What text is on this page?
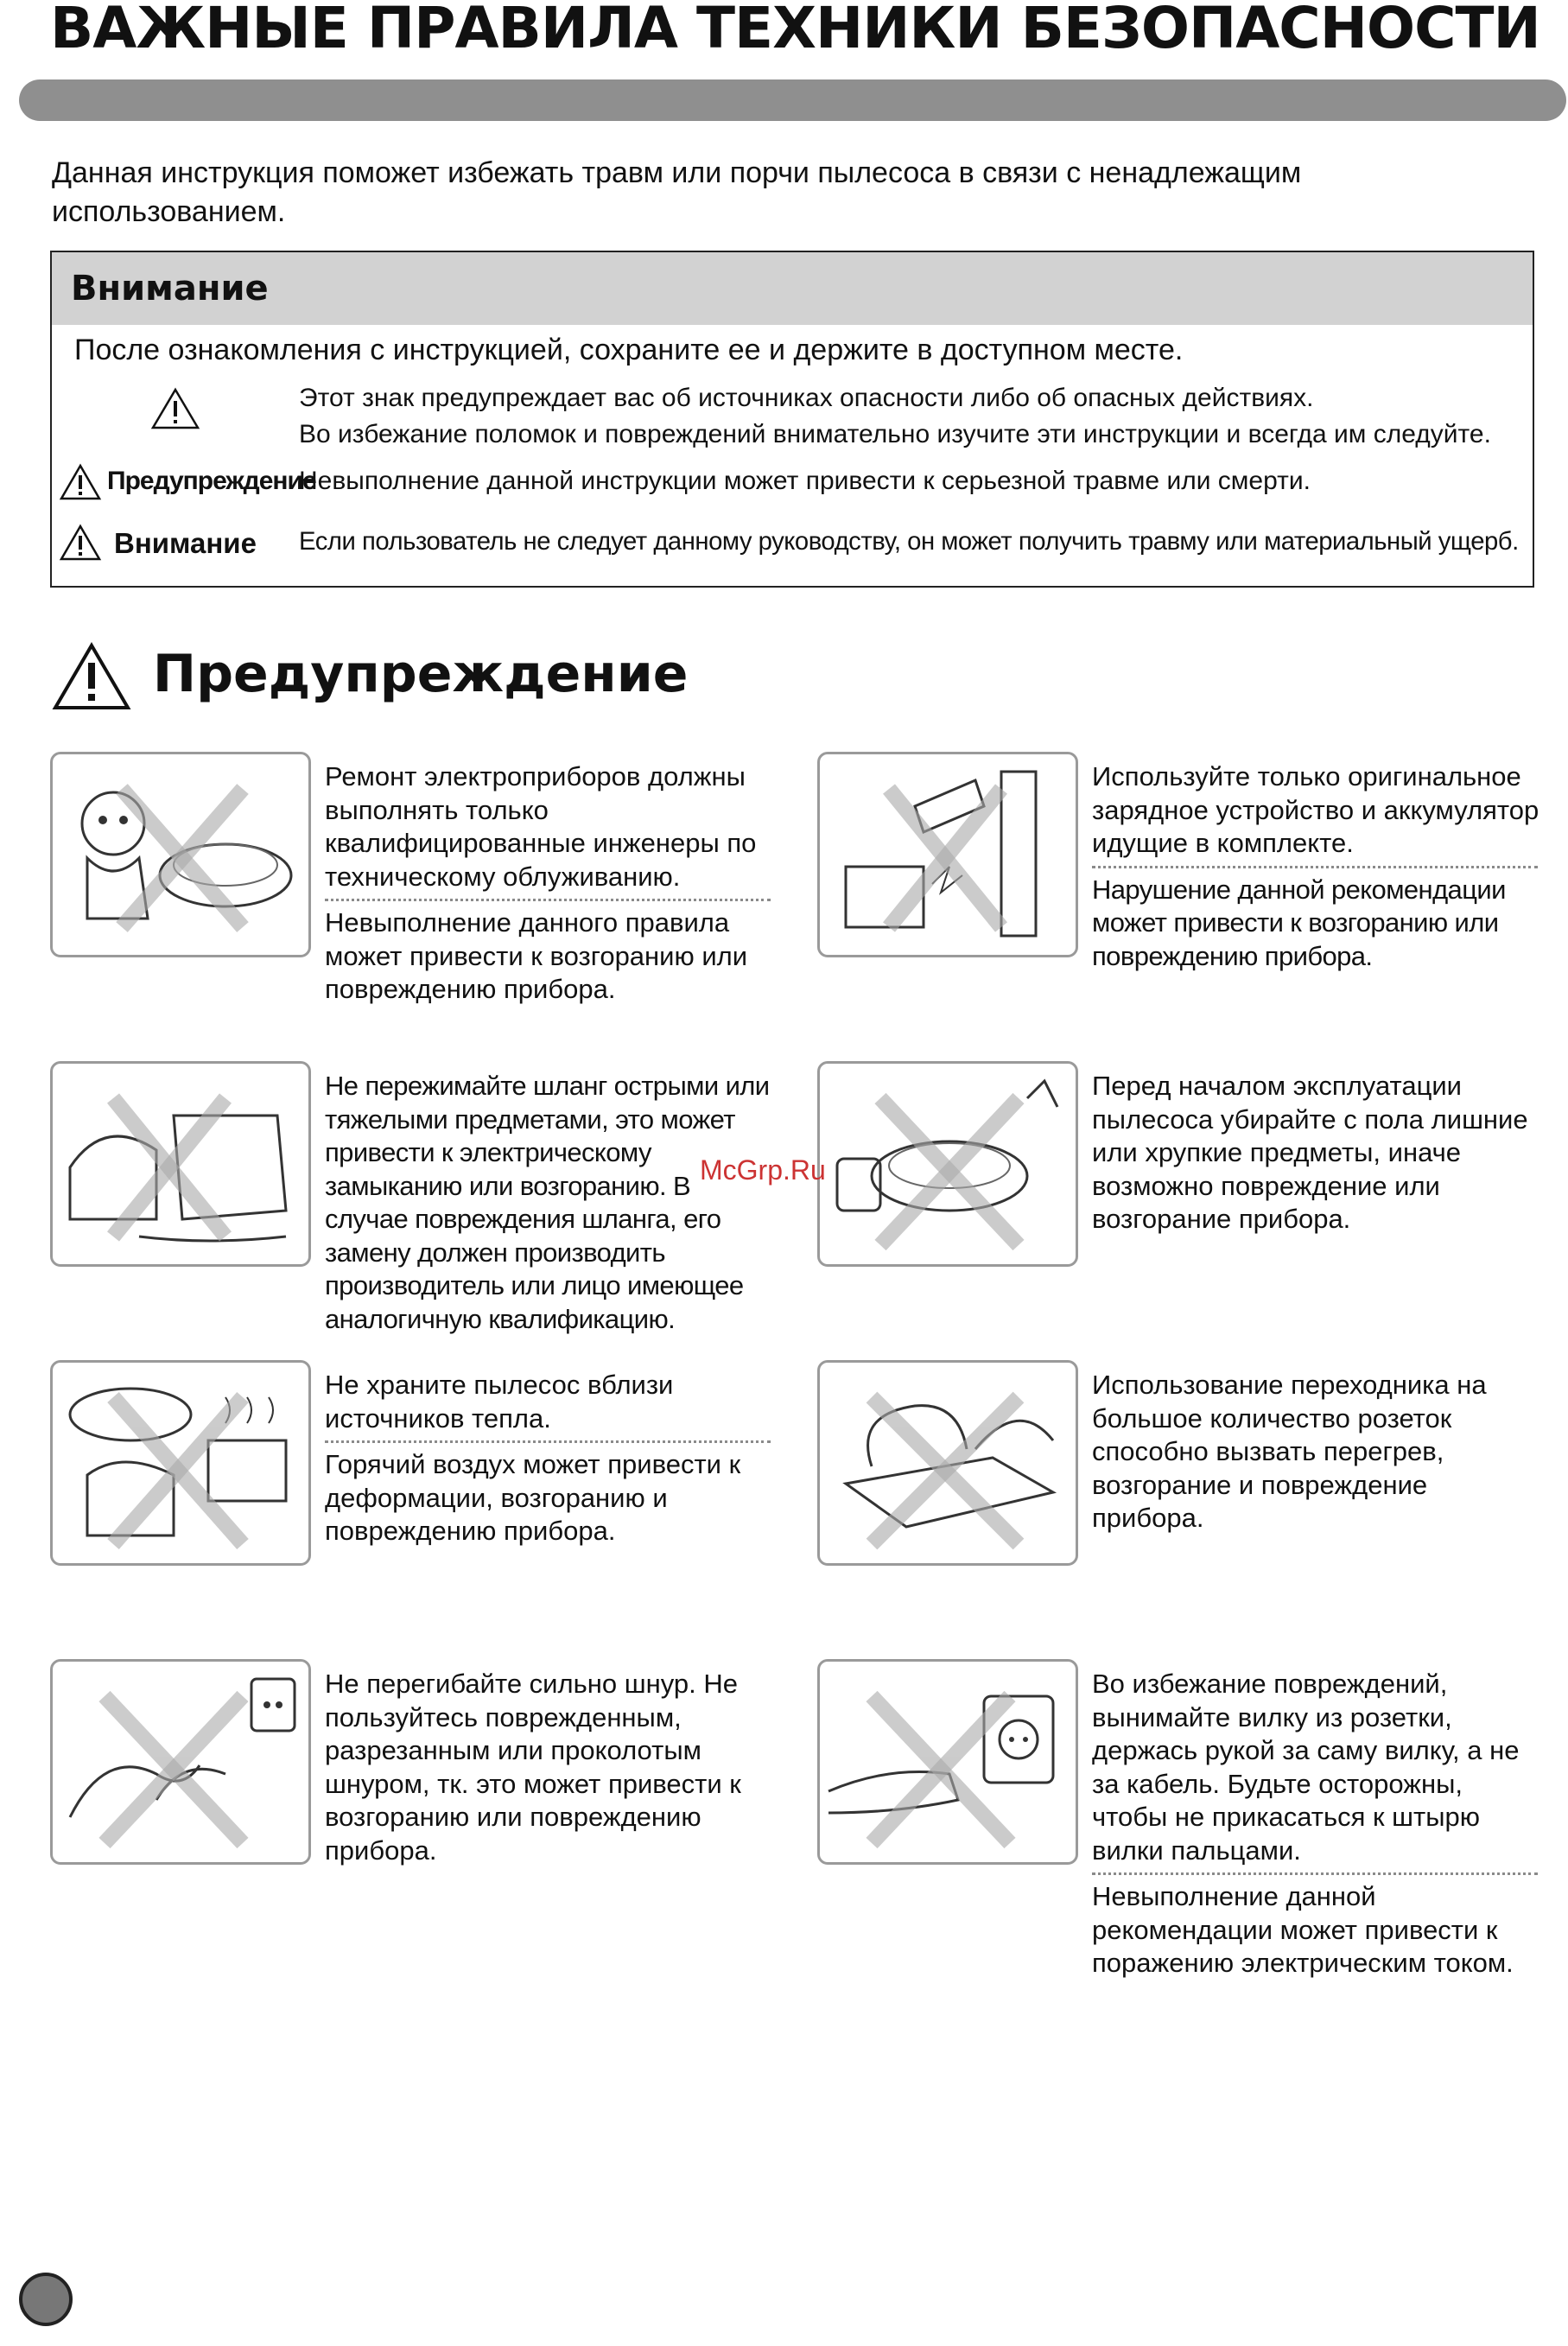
ВАЖНЫЕ ПРАВИЛА ТЕХНИКИ БЕЗОПАСНОСТИ
Данная инструкция поможет избежать травм или порчи пылесоса в связи с ненадлежащим использованием.
Внимание
После ознакомления с инструкцией, сохраните ее и держите в доступном месте.
Этот знак предупреждает вас об источниках опасности либо об опасных действиях.
Во избежание поломок и повреждений внимательно изучите эти инструкции и всегда им следуйте.
Предупреждение
Невыполнение данной инструкции может привести к серьезной травме или смерти.
Внимание Если пользователь не следует данному руководству, он может получить травму или материальный ущерб.
Предупреждение
Ремонт электроприборов должны выполнять только квалифицированные инженеры по техническому облуживанию.
Невыполнение данного правила может привести к возгоранию или повреждению прибора.
Используйте только оригинальное зарядное устройство и аккумулятор идущие в комплекте.
Нарушение данной рекомендации может привести к возгоранию или повреждению прибора.
Не пережимайте шланг острыми или тяжелыми предметами, это может привести к электрическому замыканию или возгоранию. В случае повреждения шланга, его замену должен производить производитель или лицо имеющее аналогичную квалификацию.
Перед началом эксплуатации пылесоса убирайте с пола лишние или хрупкие предметы, иначе возможно повреждение или возгорание прибора.
Не храните пылесос вблизи источников тепла.
Горячий воздух может привести к деформации, возгоранию и повреждению прибора.
Использование переходника на большое количество розеток способно вызвать перегрев, возгорание и повреждение прибора.
Не перегибайте сильно шнур. Не пользуйтесь поврежденным, разрезанным или проколотым шнуром, тк. это может привести к возгоранию или повреждению прибора.
Во избежание повреждений, вынимайте вилку из розетки, держась рукой за саму вилку, а не за кабель. Будьте осторожны, чтобы не прикасаться к штырю вилки пальцами.
Невыполнение данной рекомендации может привести к поражению электрическим током.
McGrp.Ru
